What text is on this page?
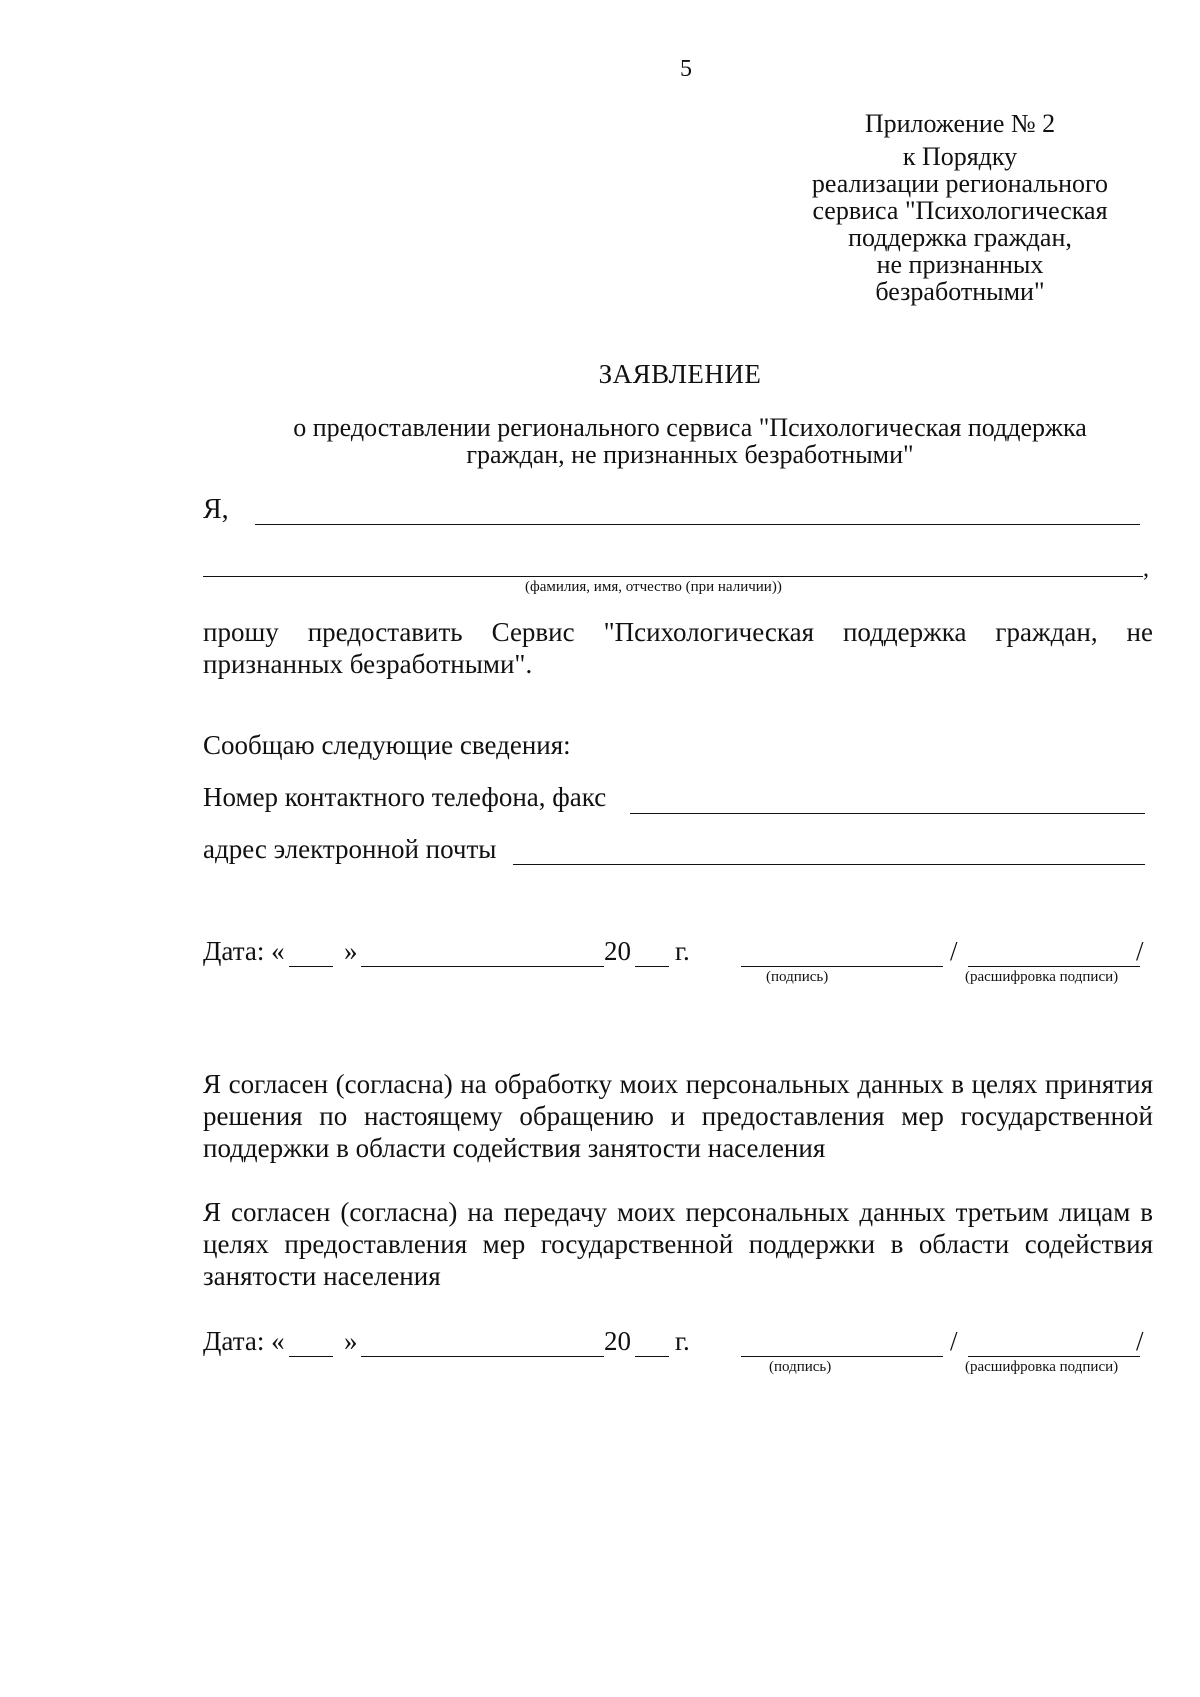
5
Приложение № 2
к Порядку
реализации регионального
сервиса "Психологическая
поддержка граждан,
не признанных
безработными"
ЗАЯВЛЕНИЕ
о предоставлении регионального сервиса "Психологическая поддержка
граждан, не признанных безработными"
Я,
,
(фамилия, имя, отчество (при наличии))
прошу предоставить Сервис "Психологическая поддержка граждан, не признанных безработными".
Сообщаю следующие сведения:
Номер контактного телефона, факс
адрес электронной почты
Дата: « »	20 г.	/	/
(подпись)	(расшифровка подписи)
Я согласен (согласна) на обработку моих персональных данных в целях принятия решения по настоящему обращению и предоставления мер государственной поддержки в области содействия занятости населения
Я согласен (согласна) на передачу моих персональных данных третьим лицам в целях предоставления мер государственной поддержки в области содействия занятости населения
Дата: « »	20 г.	/	/
(подпись)	(расшифровка подписи)
